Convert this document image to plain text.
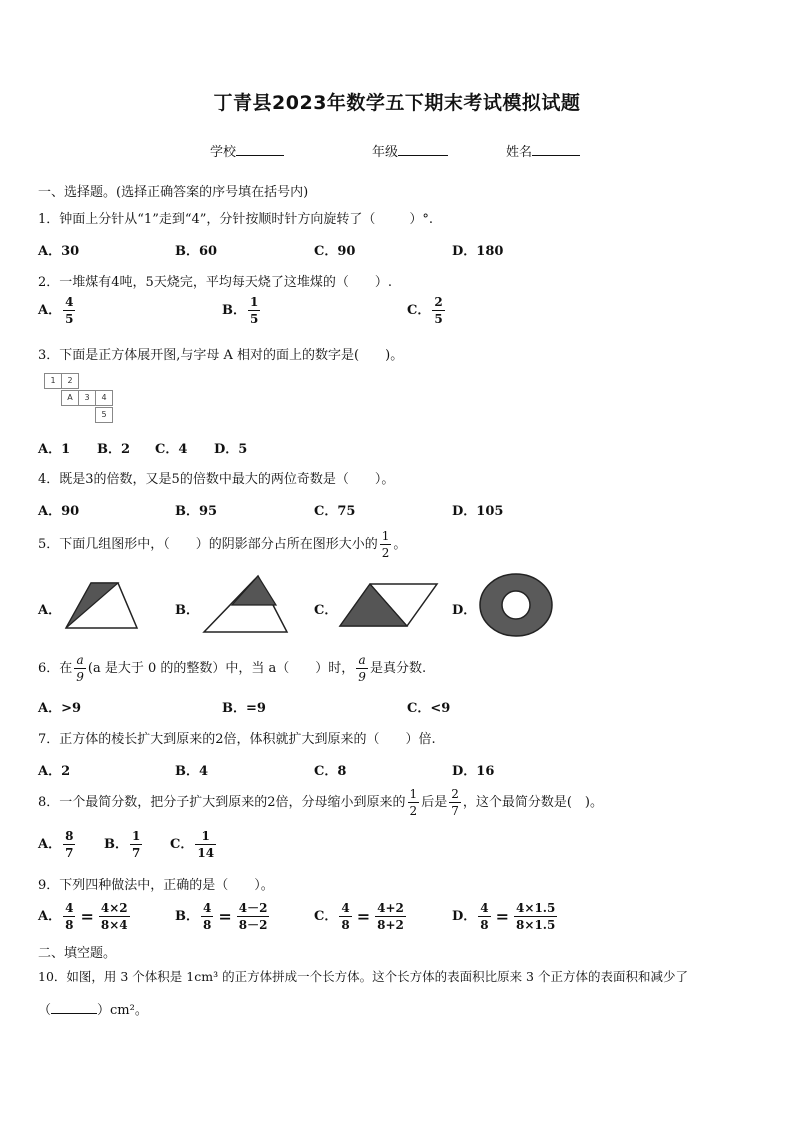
丁青县2023年数学五下期末考试模拟试题
学校	年级	姓名
一、选择题。(选择正确答案的序号填在括号内)
1．钟面上分针从“1”走到“4”，分针按顺时针方向旋转了（	）°.
A．30	B．60	C．90	D．180
2．一堆煤有4吨，5天烧完，平均每天烧了这堆煤的（　　）.
A． $\frac{4}{5}$	B． $\frac{1}{5}$	C． $\frac{2}{5}$
3．下面是正方体展开图,与字母 A 相对的面上的数字是(　　)。
1	2
A	3	4
5
A．1 B．2 C．4 D．5
4．既是3的倍数，又是5的倍数中最大的两位奇数是（　　）。
A．90	B．95	C．75	D．105
5．下面几组图形中，（　　）的阴影部分占所在图形大小的 $\frac{1}{2}$ 。
A．	B．	C．	D．
6．在 $\frac{a}{9} (a$ 是大于 0 的的整数）中，当 a（　　）时， $\frac{a}{9}$ 是真分数.
A．>9	B．=9	C．<9
7．正方体的棱长扩大到原来的2倍，体积就扩大到原来的（　　）倍.
A．2	B．4	C．8	D．16
8．一个最简分数，把分子扩大到原来的2倍，分母缩小到原来的 $\frac{1}{2}$ 后是 $\frac{2}{7}$ ，这个最简分数是(　)。
A． $\frac{8}{7}$ B． $\frac{1}{7}$ C． $\frac{1}{14}$
9．下列四种做法中，正确的是（　　）。
A． $\frac{4}{8} = \frac{4\times 2}{8\times 4}$	B． $\frac{4}{8} = \frac{4-2}{8-2}$	C． $\frac{4}{8} = \frac{4+2}{8+2}$	D． $\frac{4}{8} = \frac{4\times 1.5}{8\times 1.5}$
二、填空题。
10．如图，用 3 个体积是 1cm³ 的正方体拼成一个长方体。这个长方体的表面积比原来 3 个正方体的表面积和减少了
（	）cm²。
